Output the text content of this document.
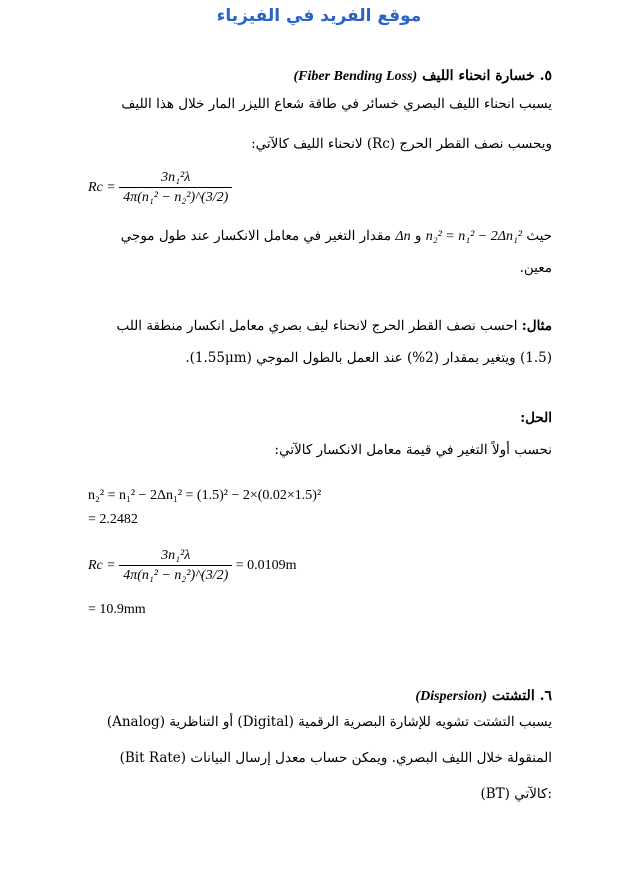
موقع الفريد في الفيزياء
٥. خسارة انحناء الليف (Fiber Bending Loss)
يسبب انحناء الليف البصري خسائر في طاقة شعاع الليزر المار خلال هذا الليف
ويحسب نصف القطر الحرج (Rc) لانحناء الليف كالآتي:
$Rc = \frac{\text{3n₁²λ}}{\text{4π(n₁² − n₂²)\textasciicircum{}(3/2)}}$
حيث n₂² = n₁² − 2Δn₁² و Δn مقدار التغير في معامل الانكسار عند طول موجي
معين.
مثال: احسب نصف القطر الحرج لانحناء ليف بصري معامل انكسار منطقة اللب
(1.5) ويتغير بمقدار (2%) عند العمل بالطول الموجي (1.55μm).
الحل:
نحسب أولاً التغير في قيمة معامل الانكسار كالآتي:
n₂² = n₁² − 2Δn₁² = (1.5)² − 2×(0.02×1.5)²
= 2.2482
$Rc = \frac{\text{3n₁²λ}}{\text{4π(n₁² − n₂²)\textasciicircum{}(3/2)}} = 0.0109m$
= 10.9mm
٦. التشتت (Dispersion)
يسبب التشتت تشويه للإشارة البصرية الرقمية (Digital) أو التناظرية (Analog)
المنقولة خلال الليف البصري. ويمكن حساب معدل إرسال البيانات (Bit Rate)
(BT) كالآتي:
